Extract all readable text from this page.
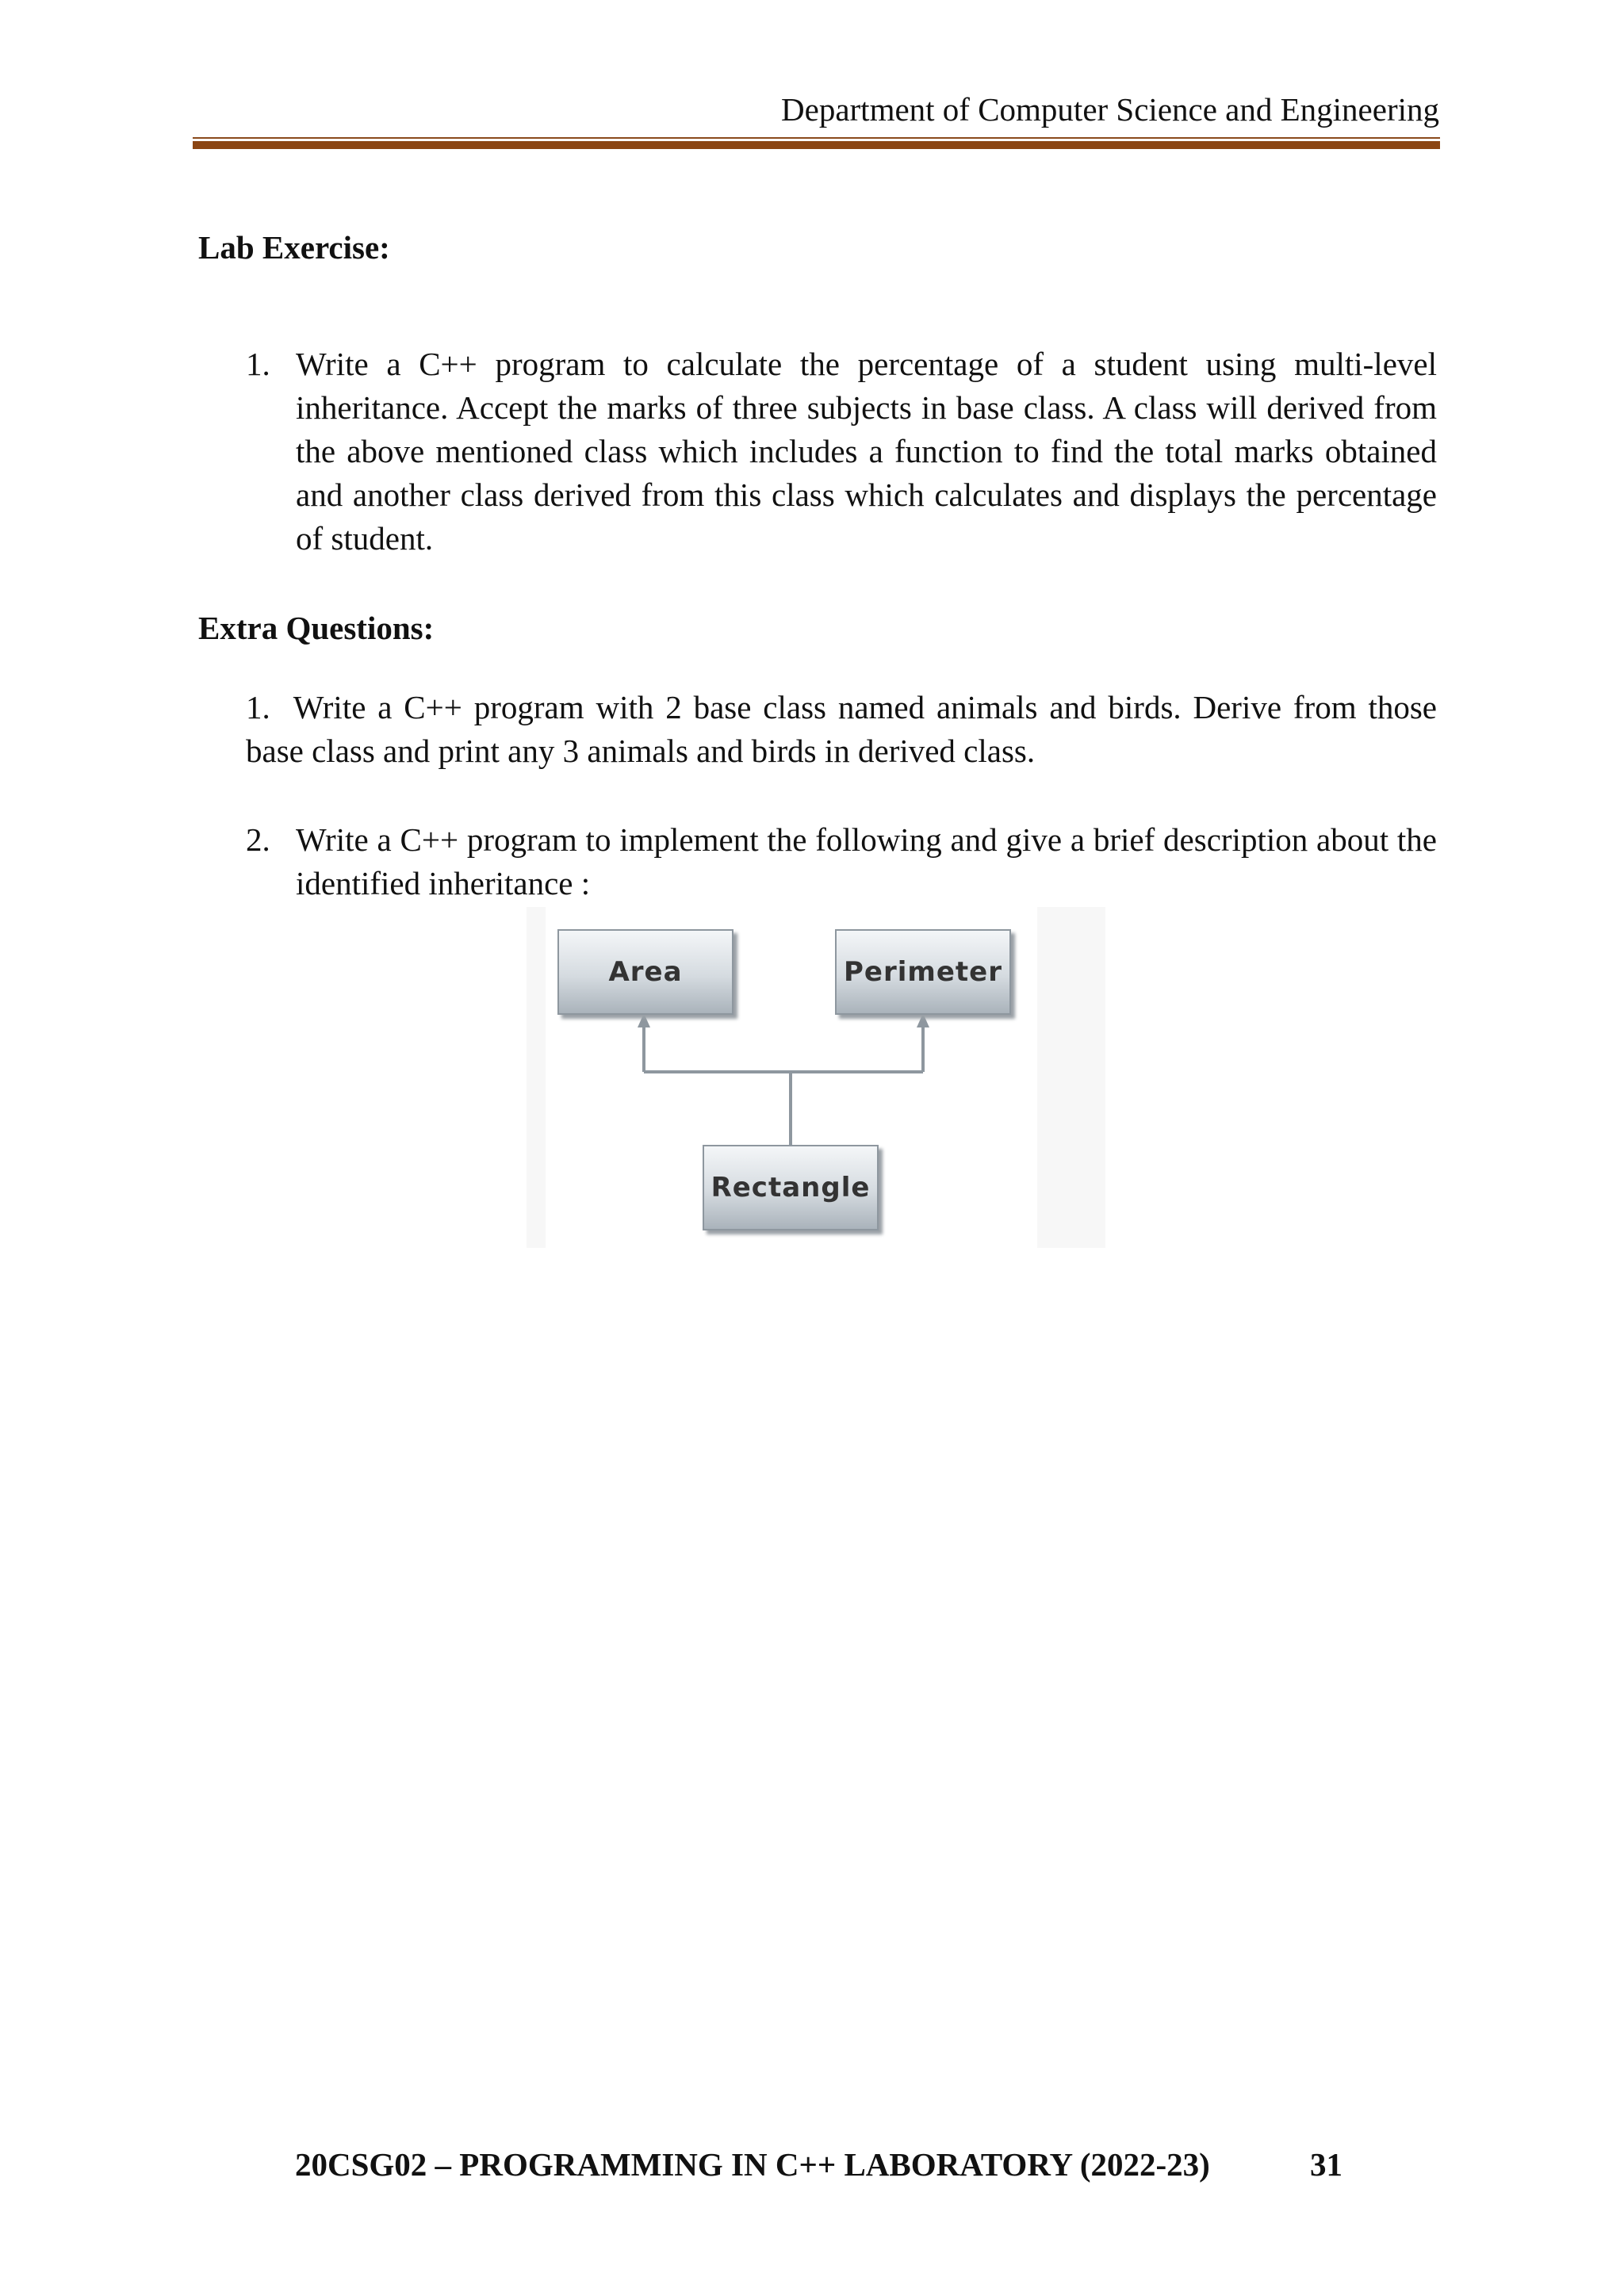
Department of Computer Science and Engineering
Lab Exercise:
1. Write a C++ program to calculate the percentage of a student using multi-level inheritance. Accept the marks of three subjects in base class. A class will derived from the above mentioned class which includes a function to find the total marks obtained and another class derived from this class which calculates and displays the percentage of student.
Extra Questions:
1. Write a C++ program with 2 base class named animals and birds. Derive from those base class and print any 3 animals and birds in derived class.
2. Write a C++ program to implement the following and give a brief description about the identified inheritance :
Area	Perimeter
Rectangle
20CSG02 – PROGRAMMING IN C++ LABORATORY (2022-23)	31
